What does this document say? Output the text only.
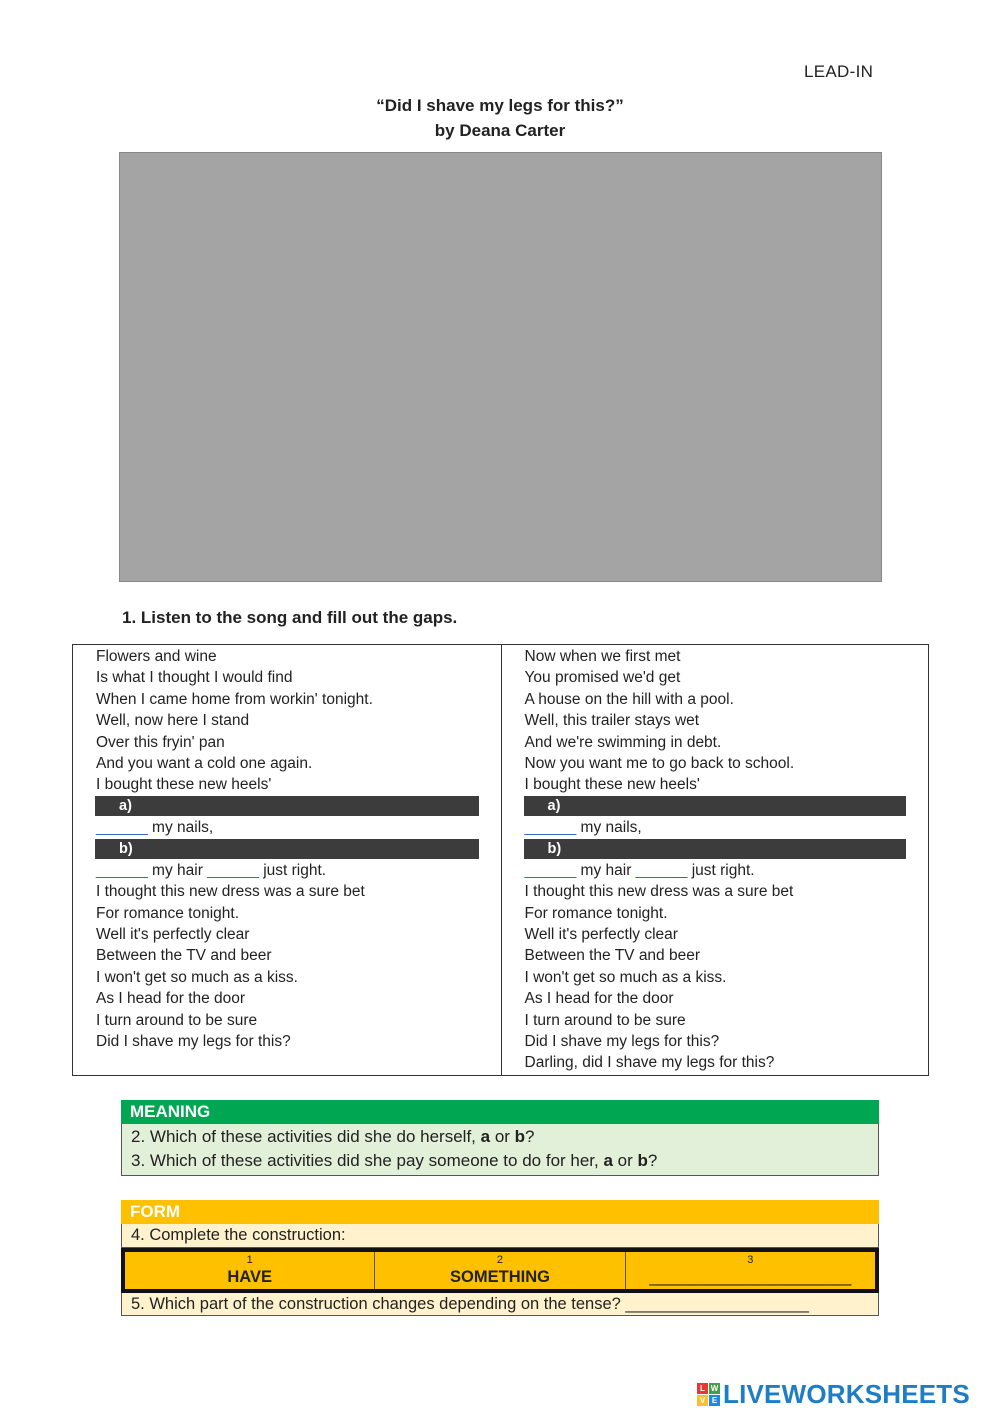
LEAD-IN
“Did I shave my legs for this?”
by Deana Carter
1. Listen to the song and fill out the gaps.
Flowers and wine
Is what I thought I would find
When I came home from workin' tonight.
Well, now here I stand
Over this fryin' pan
And you want a cold one again.
I bought these new heels'
a)
______ my nails,
b)
______ my hair ______ just right.
I thought this new dress was a sure bet
For romance tonight.
Well it's perfectly clear
Between the TV and beer
I won't get so much as a kiss.
As I head for the door
I turn around to be sure
Did I shave my legs for this?
Now when we first met
You promised we'd get
A house on the hill with a pool.
Well, this trailer stays wet
And we're swimming in debt.
Now you want me to go back to school.
I bought these new heels'
a)
______ my nails,
b)
______ my hair ______ just right.
I thought this new dress was a sure bet
For romance tonight.
Well it's perfectly clear
Between the TV and beer
I won't get so much as a kiss.
As I head for the door
I turn around to be sure
Did I shave my legs for this?
Darling, did I shave my legs for this?
MEANING
2. Which of these activities did she do herself, a or b?
3. Which of these activities did she pay someone to do for her, a or b?
FORM
4. Complete the construction:
1
HAVE
2
SOMETHING
3
______________________
5. Which part of the construction changes depending on the tense? ____________________
L W
V E LIVEWORKSHEETS
